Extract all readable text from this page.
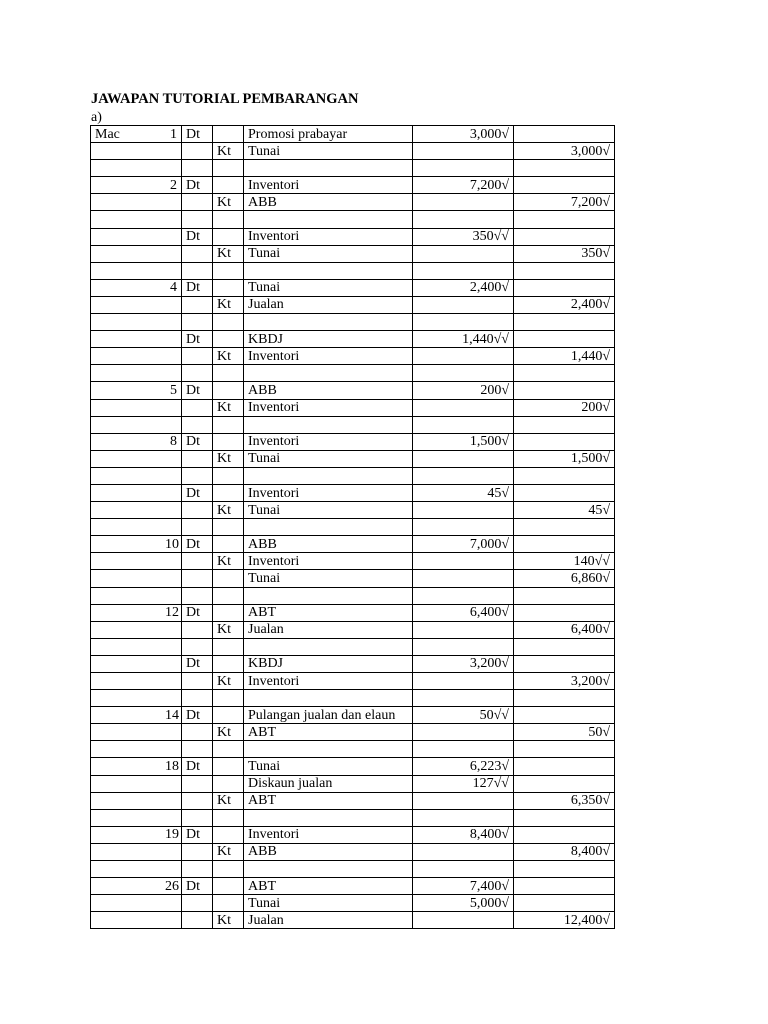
JAWAPAN TUTORIAL PEMBARANGAN
a)
Mac	1	Dt		Promosi prabayar	3,000√	
			Kt	Tunai		3,000√

	2	Dt		Inventori	7,200√	
			Kt	ABB		7,200√

		Dt		Inventori	350√√	
			Kt	Tunai		350√

	4	Dt		Tunai	2,400√	
			Kt	Jualan		2,400√

		Dt		KBDJ	1,440√√	
			Kt	Inventori		1,440√

	5	Dt		ABB	200√	
			Kt	Inventori		200√

	8	Dt		Inventori	1,500√	
			Kt	Tunai		1,500√

		Dt		Inventori	45√	
			Kt	Tunai		45√

	10	Dt		ABB	7,000√	
			Kt	Inventori		140√√
				Tunai		6,860√

	12	Dt		ABT	6,400√	
			Kt	Jualan		6,400√

		Dt		KBDJ	3,200√	
			Kt	Inventori		3,200√

	14	Dt		Pulangan jualan dan elaun	50√√	
			Kt	ABT		50√

	18	Dt		Tunai	6,223√	
				Diskaun jualan	127√√	
			Kt	ABT		6,350√

	19	Dt		Inventori	8,400√	
			Kt	ABB		8,400√

	26	Dt		ABT	7,400√	
				Tunai	5,000√	
			Kt	Jualan		12,400√
